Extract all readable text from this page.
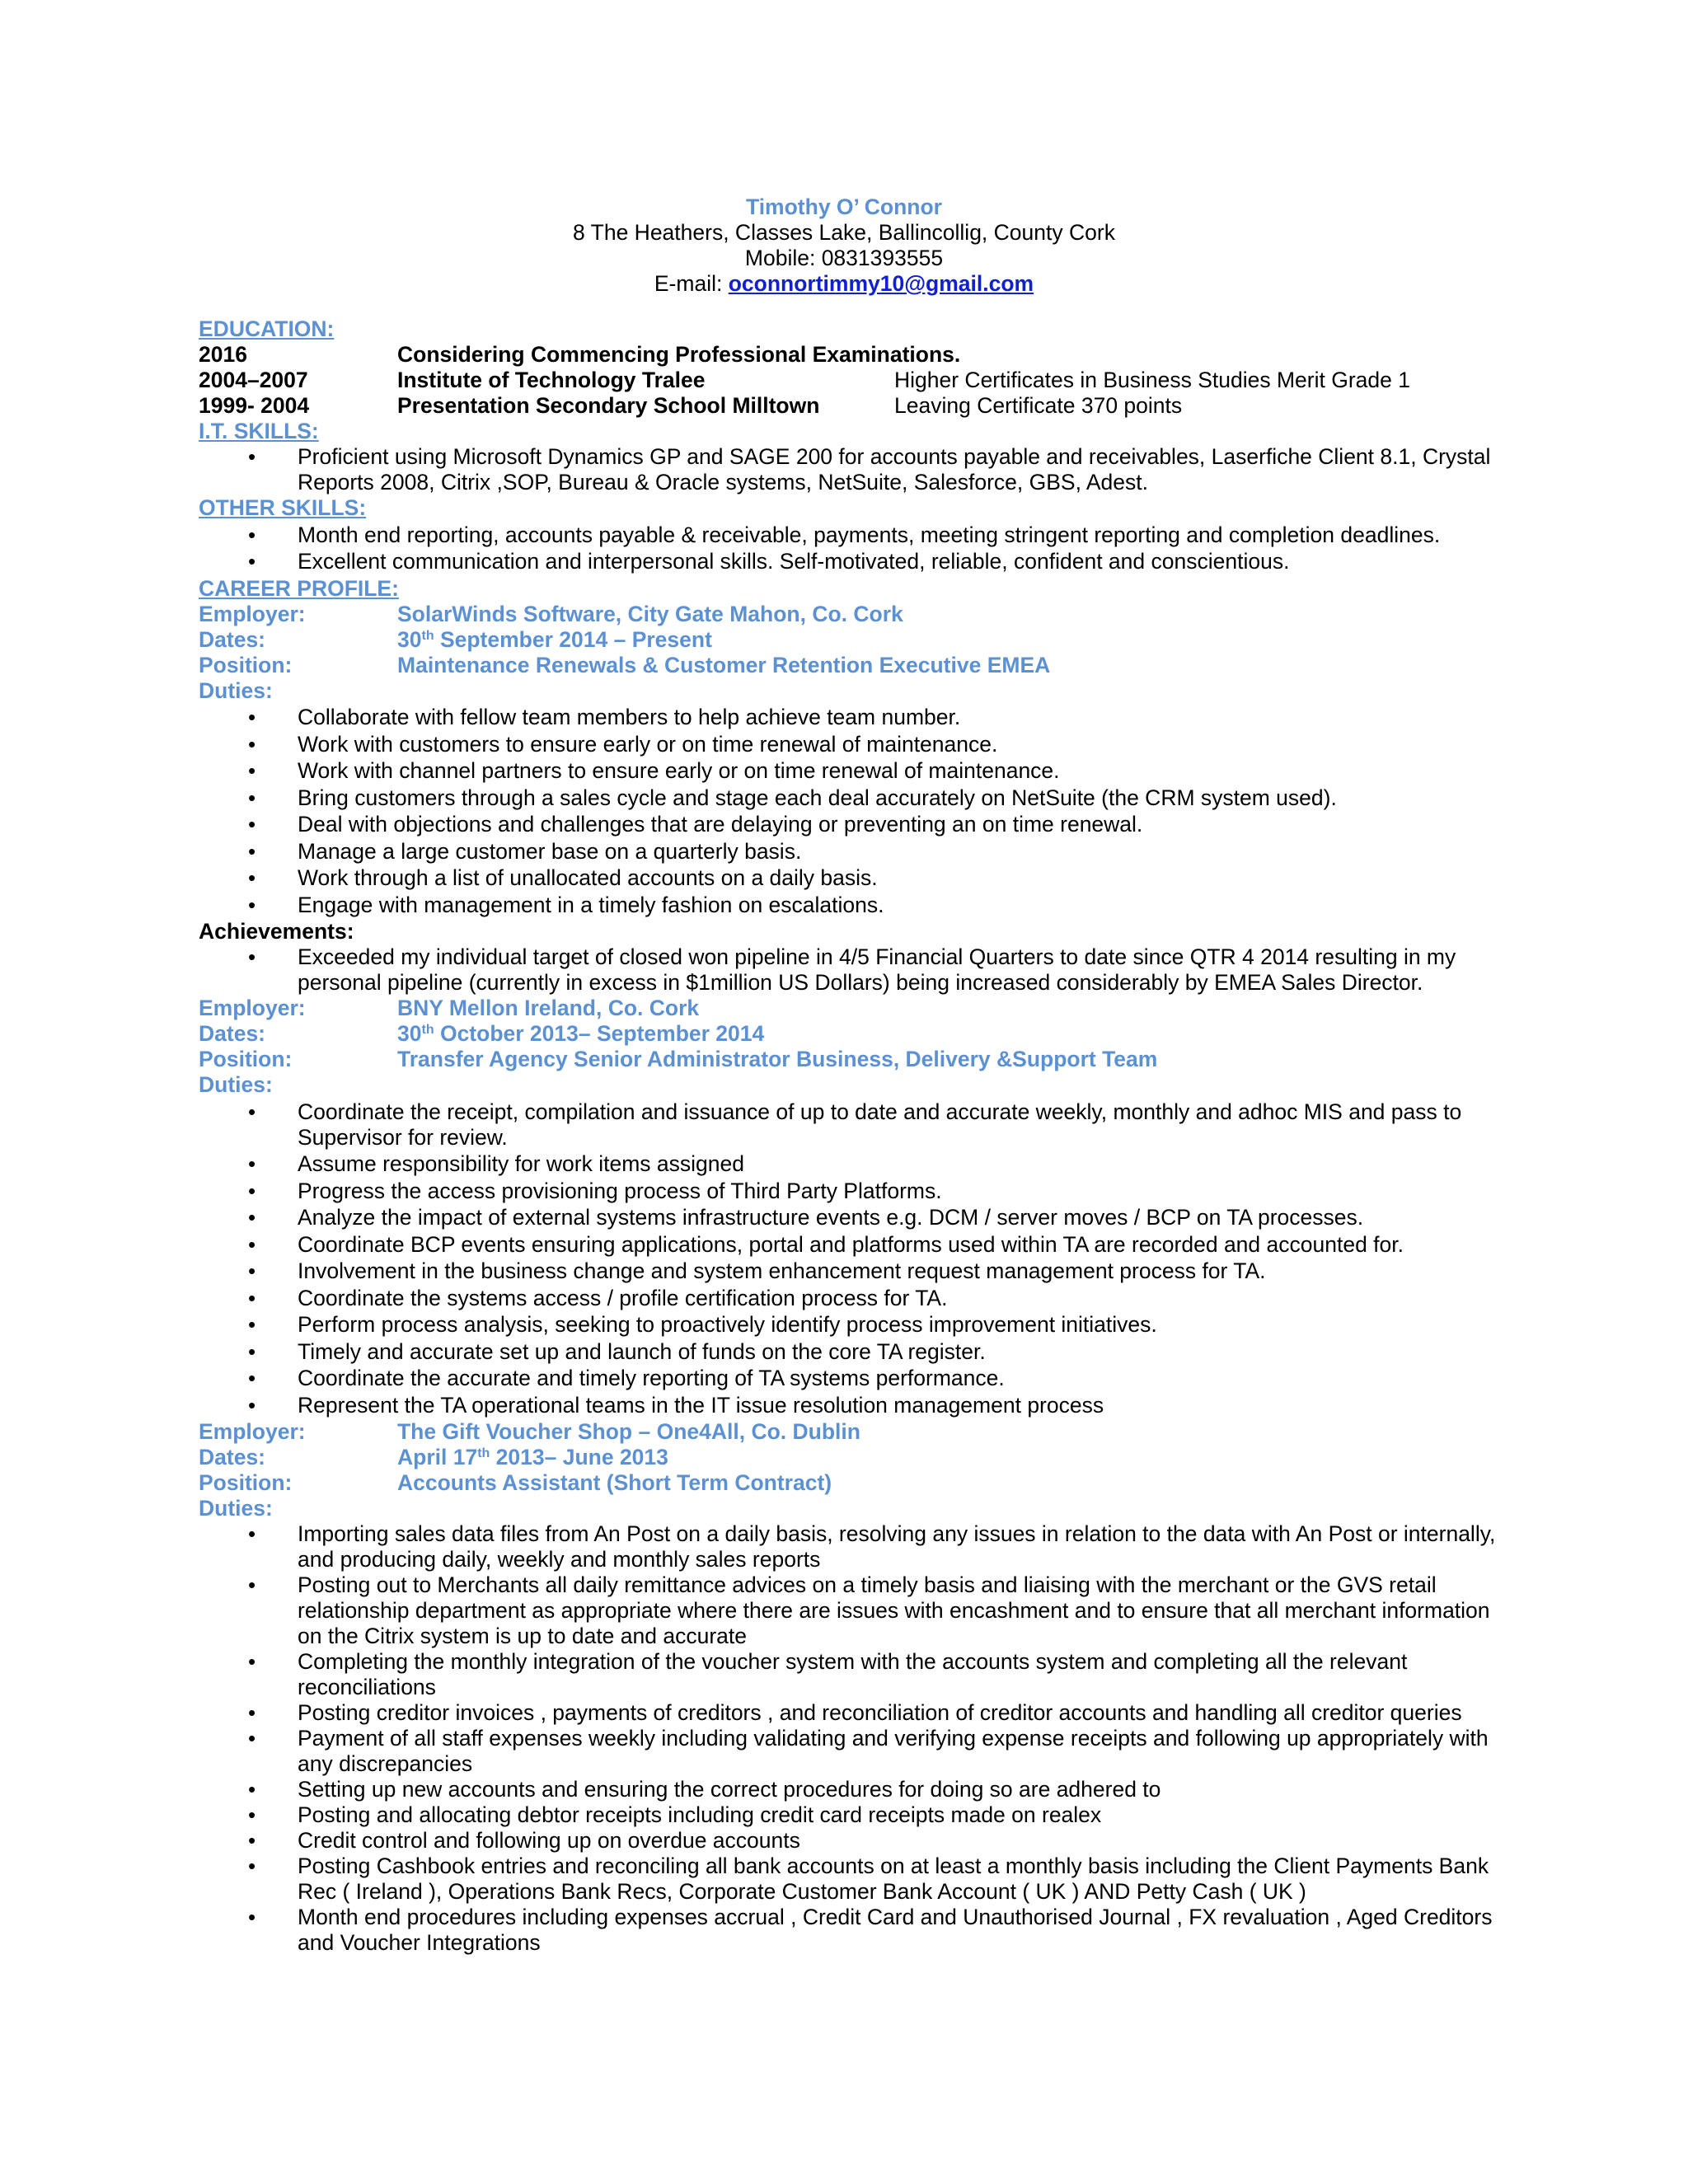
Timothy O’ Connor
8 The Heathers, Classes Lake, Ballincollig, County Cork
Mobile: 0831393555
E-mail: oconnortimmy10@gmail.com
EDUCATION:
2016	Considering Commencing Professional Examinations.
2004–2007	Institute of Technology Tralee	Higher Certificates in Business Studies Merit Grade 1
1999- 2004	Presentation Secondary School Milltown	Leaving Certificate 370 points
I.T. SKILLS:
• Proficient using Microsoft Dynamics GP and SAGE 200 for accounts payable and receivables, Laserfiche Client 8.1, Crystal Reports 2008, Citrix ,SOP, Bureau & Oracle systems, NetSuite, Salesforce, GBS, Adest.
OTHER SKILLS:
• Month end reporting, accounts payable & receivable, payments, meeting stringent reporting and completion deadlines.
• Excellent communication and interpersonal skills. Self-motivated, reliable, confident and conscientious.
CAREER PROFILE:
Employer:	SolarWinds Software, City Gate Mahon, Co. Cork
Dates:	30th September 2014 – Present
Position:	Maintenance Renewals & Customer Retention Executive EMEA
Duties:
• Collaborate with fellow team members to help achieve team number.
• Work with customers to ensure early or on time renewal of maintenance.
• Work with channel partners to ensure early or on time renewal of maintenance.
• Bring customers through a sales cycle and stage each deal accurately on NetSuite (the CRM system used).
• Deal with objections and challenges that are delaying or preventing an on time renewal.
• Manage a large customer base on a quarterly basis.
• Work through a list of unallocated accounts on a daily basis.
• Engage with management in a timely fashion on escalations.
Achievements:
• Exceeded my individual target of closed won pipeline in 4/5 Financial Quarters to date since QTR 4 2014 resulting in my personal pipeline (currently in excess in $1million US Dollars) being increased considerably by EMEA Sales Director.
Employer:	BNY Mellon Ireland, Co. Cork
Dates:	30th October 2013– September 2014
Position:	Transfer Agency Senior Administrator Business, Delivery &Support Team
Duties:
• Coordinate the receipt, compilation and issuance of up to date and accurate weekly, monthly and adhoc MIS and pass to Supervisor for review.
• Assume responsibility for work items assigned
• Progress the access provisioning process of Third Party Platforms.
• Analyze the impact of external systems infrastructure events e.g. DCM / server moves / BCP on TA processes.
• Coordinate BCP events ensuring applications, portal and platforms used within TA are recorded and accounted for.
• Involvement in the business change and system enhancement request management process for TA.
• Coordinate the systems access / profile certification process for TA.
• Perform process analysis, seeking to proactively identify process improvement initiatives.
• Timely and accurate set up and launch of funds on the core TA register.
• Coordinate the accurate and timely reporting of TA systems performance.
• Represent the TA operational teams in the IT issue resolution management process
Employer:	The Gift Voucher Shop – One4All, Co. Dublin
Dates:	April 17th 2013– June 2013
Position:	Accounts Assistant (Short Term Contract)
Duties:
• Importing sales data files from An Post on a daily basis, resolving any issues in relation to the data with An Post or internally, and producing daily, weekly and monthly sales reports
• Posting out to Merchants all daily remittance advices on a timely basis and liaising with the merchant or the GVS retail relationship department as appropriate where there are issues with encashment and to ensure that all merchant information on the Citrix system is up to date and accurate
• Completing the monthly integration of the voucher system with the accounts system and completing all the relevant reconciliations
• Posting creditor invoices , payments of creditors , and reconciliation of creditor accounts and handling all creditor queries
• Payment of all staff expenses weekly including validating and verifying expense receipts and following up appropriately with any discrepancies
• Setting up new accounts and ensuring the correct procedures for doing so are adhered to
• Posting and allocating debtor receipts including credit card receipts made on realex
• Credit control and following up on overdue accounts
• Posting Cashbook entries and reconciling all bank accounts on at least a monthly basis including the Client Payments Bank Rec ( Ireland ), Operations Bank Recs, Corporate Customer Bank Account ( UK ) AND Petty Cash ( UK )
• Month end procedures including expenses accrual , Credit Card and Unauthorised Journal , FX revaluation , Aged Creditors and Voucher Integrations
